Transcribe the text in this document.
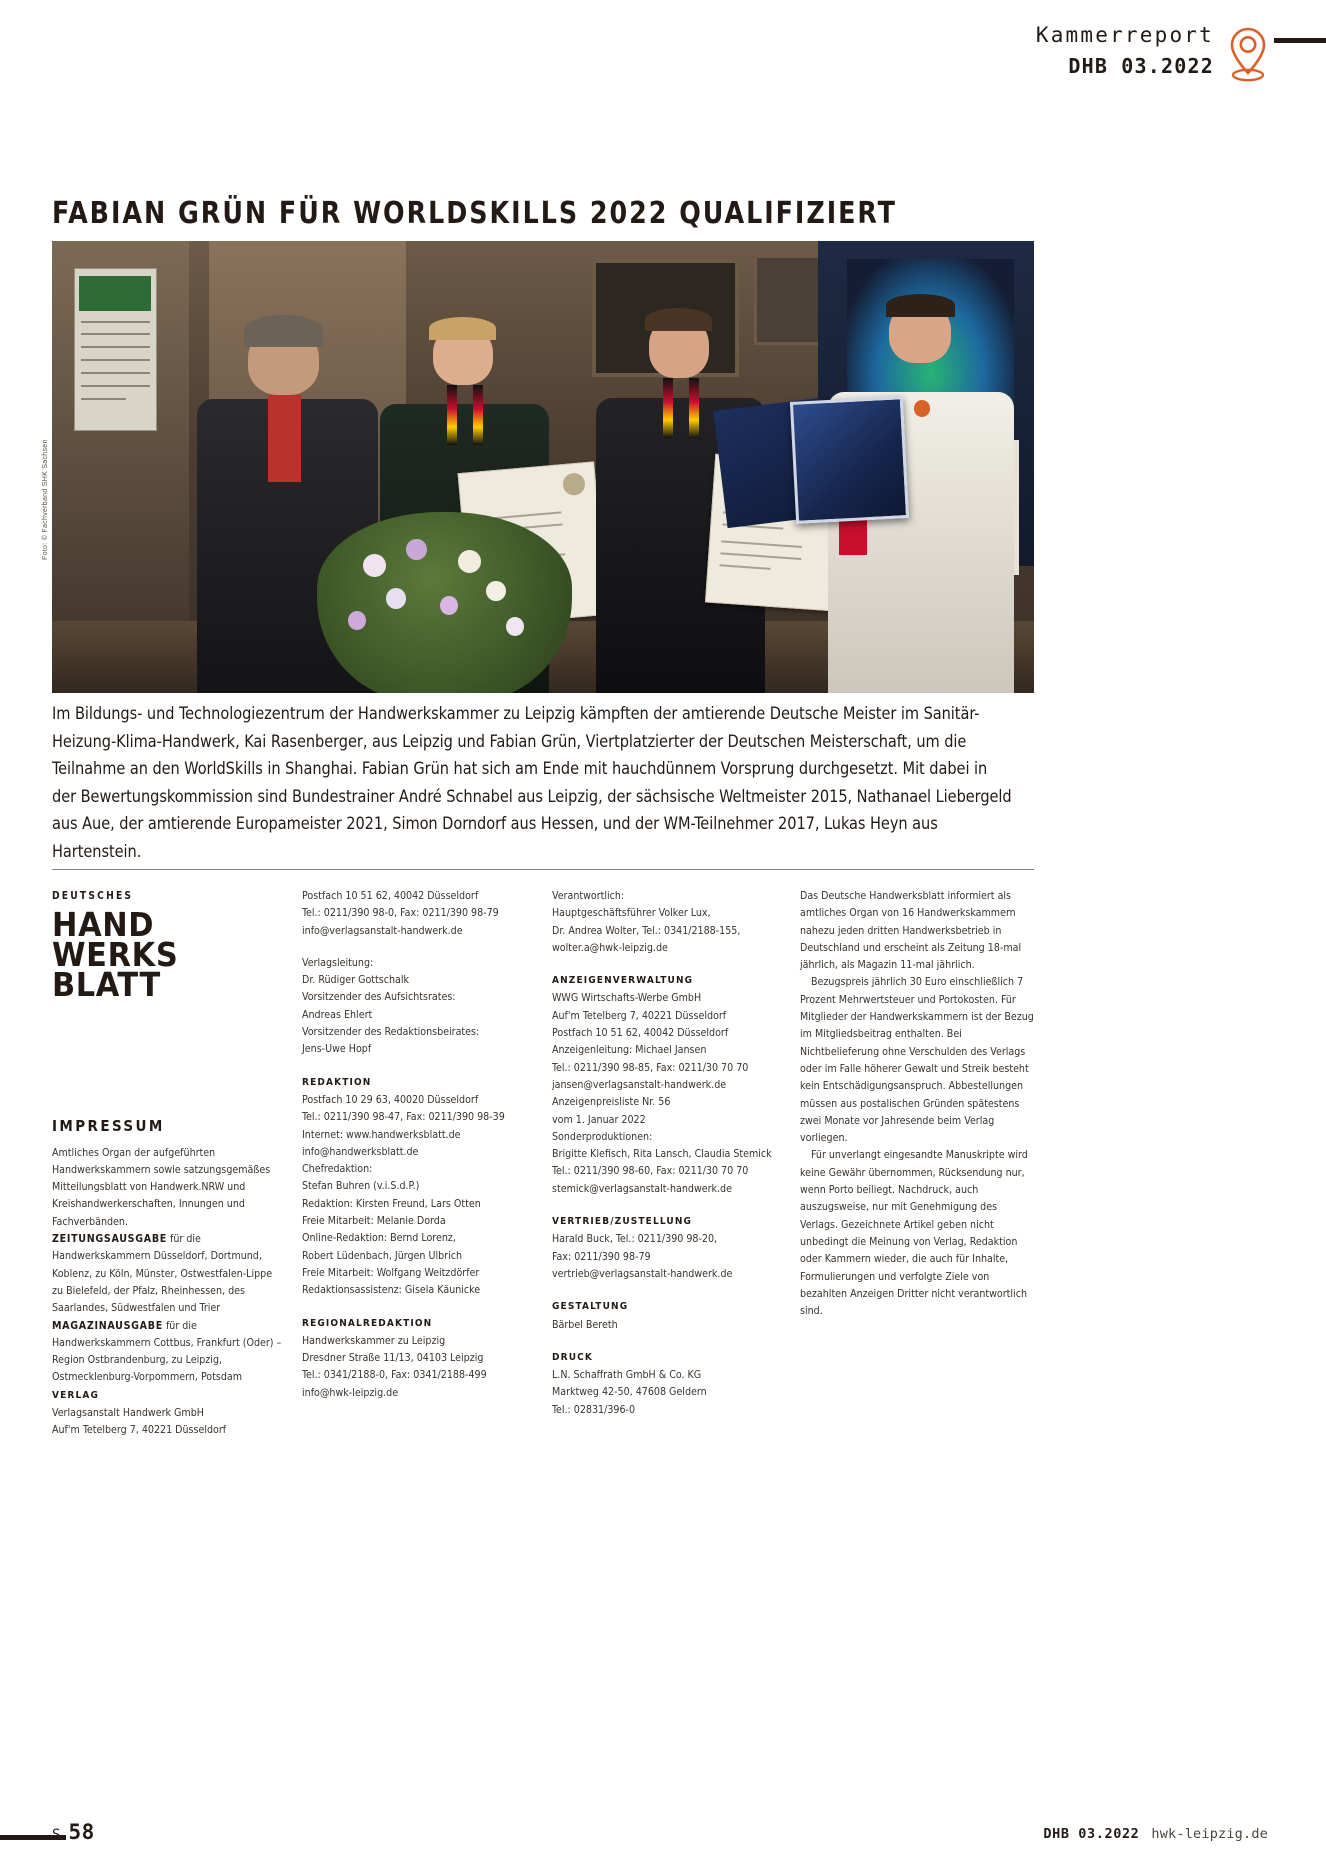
Kammerreport
DHB 03.2022
FABIAN GRÜN FÜR WORLDSKILLS 2022 QUALIFIZIERT
Foto: © Fachverband SHK Sachsen

Im Bildungs- und Technologiezentrum der Handwerkskammer zu Leipzig kämpften der amtierende Deutsche Meister im Sanitär-Heizung-Klima-Handwerk, Kai Rasenberger, aus Leipzig und Fabian Grün, Viertplatzierter der Deutschen Meisterschaft, um die Teilnahme an den WorldSkills in Shanghai. Fabian Grün hat sich am Ende mit hauchdünnem Vorsprung durchgesetzt. Mit dabei in der Bewertungskommission sind Bundestrainer André Schnabel aus Leipzig, der sächsische Weltmeister 2015, Nathanael Liebergeld aus Aue, der amtierende Europameister 2021, Simon Dorndorf aus Hessen, und der WM-Teilnehmer 2017, Lukas Heyn aus Hartenstein.

DEUTSCHES
HAND
WERKS
BLATT
IMPRESSUM

Amtliches Organ der aufgeführten Handwerkskammern sowie satzungsgemäßes Mitteilungsblatt von Handwerk.NRW und Kreishandwerkerschaften, Innungen und Fachverbänden.

ZEITUNGSAUSGABE für die Handwerkskammern Düsseldorf, Dortmund, Koblenz, zu Köln, Münster, Ostwestfalen-Lippe zu Bielefeld, der Pfalz, Rheinhessen, des Saarlandes, Südwestfalen und Trier

MAGAZINAUSGABE für die Handwerkskammern Cottbus, Frankfurt (Oder) – Region Ostbrandenburg, zu Leipzig, Ostmecklenburg-Vorpommern, Potsdam

VERLAG

Verlagsanstalt Handwerk GmbH

Auf'm Tetelberg 7, 40221 Düsseldorf

Postfach 10 51 62, 40042 Düsseldorf

Tel.: 0211/390 98-0, Fax: 0211/390 98-79

info@verlagsanstalt-handwerk.de

Verlagsleitung:

Dr. Rüdiger Gottschalk

Vorsitzender des Aufsichtsrates:

Andreas Ehlert

Vorsitzender des Redaktionsbeirates:

Jens-Uwe Hopf

REDAKTION

Postfach 10 29 63, 40020 Düsseldorf

Tel.: 0211/390 98-47, Fax: 0211/390 98-39

Internet: www.handwerksblatt.de

info@handwerksblatt.de

Chefredaktion:

Stefan Buhren (v.i.S.d.P.)

Redaktion: Kirsten Freund, Lars Otten

Freie Mitarbeit: Melanie Dorda

Online-Redaktion: Bernd Lorenz,

Robert Lüdenbach, Jürgen Ulbrich

Freie Mitarbeit: Wolfgang Weitzdörfer

Redaktionsassistenz: Gisela Käunicke

REGIONALREDAKTION

Handwerkskammer zu Leipzig

Dresdner Straße 11/13, 04103 Leipzig

Tel.: 0341/2188-0, Fax: 0341/2188-499

info@hwk-leipzig.de

Verantwortlich:

Hauptgeschäftsführer Volker Lux,

Dr. Andrea Wolter, Tel.: 0341/2188-155,

wolter.a@hwk-leipzig.de

ANZEIGENVERWALTUNG

WWG Wirtschafts-Werbe GmbH

Auf'm Tetelberg 7, 40221 Düsseldorf

Postfach 10 51 62, 40042 Düsseldorf

Anzeigenleitung: Michael Jansen

Tel.: 0211/390 98-85, Fax: 0211/30 70 70

jansen@verlagsanstalt-handwerk.de

Anzeigenpreisliste Nr. 56

vom 1. Januar 2022

Sonderproduktionen:

Brigitte Klefisch, Rita Lansch, Claudia Stemick

Tel.: 0211/390 98-60, Fax: 0211/30 70 70

stemick@verlagsanstalt-handwerk.de

VERTRIEB/ZUSTELLUNG

Harald Buck, Tel.: 0211/390 98-20,

Fax: 0211/390 98-79

vertrieb@verlagsanstalt-handwerk.de

GESTALTUNG

Bärbel Bereth

DRUCK

L.N. Schaffrath GmbH & Co. KG

Marktweg 42-50, 47608 Geldern

Tel.: 02831/396-0

Das Deutsche Handwerksblatt informiert als amtliches Organ von 16 Handwerkskammern nahezu jeden dritten Handwerksbetrieb in Deutschland und erscheint als Zeitung 18-mal jährlich, als Magazin 11-mal jährlich.

Bezugspreis jährlich 30 Euro einschließlich 7 Prozent Mehrwertsteuer und Portokosten. Für Mitglieder der Handwerkskammern ist der Bezug im Mitgliedsbeitrag enthalten. Bei Nichtbelieferung ohne Verschulden des Verlags oder im Falle höherer Gewalt und Streik besteht kein Entschädigungsanspruch. Abbestellungen müssen aus postalischen Gründen spätestens zwei Monate vor Jahresende beim Verlag vorliegen.

Für unverlangt eingesandte Manuskripte wird keine Gewähr übernommen, Rücksendung nur, wenn Porto beiliegt. Nachdruck, auch auszugsweise, nur mit Genehmigung des Verlags. Gezeichnete Artikel geben nicht unbedingt die Meinung von Verlag, Redaktion oder Kammern wieder, die auch für Inhalte, Formulierungen und verfolgte Ziele von bezahlten Anzeigen Dritter nicht verantwortlich sind.

S 58	DHB 03.2022 hwk-leipzig.de
